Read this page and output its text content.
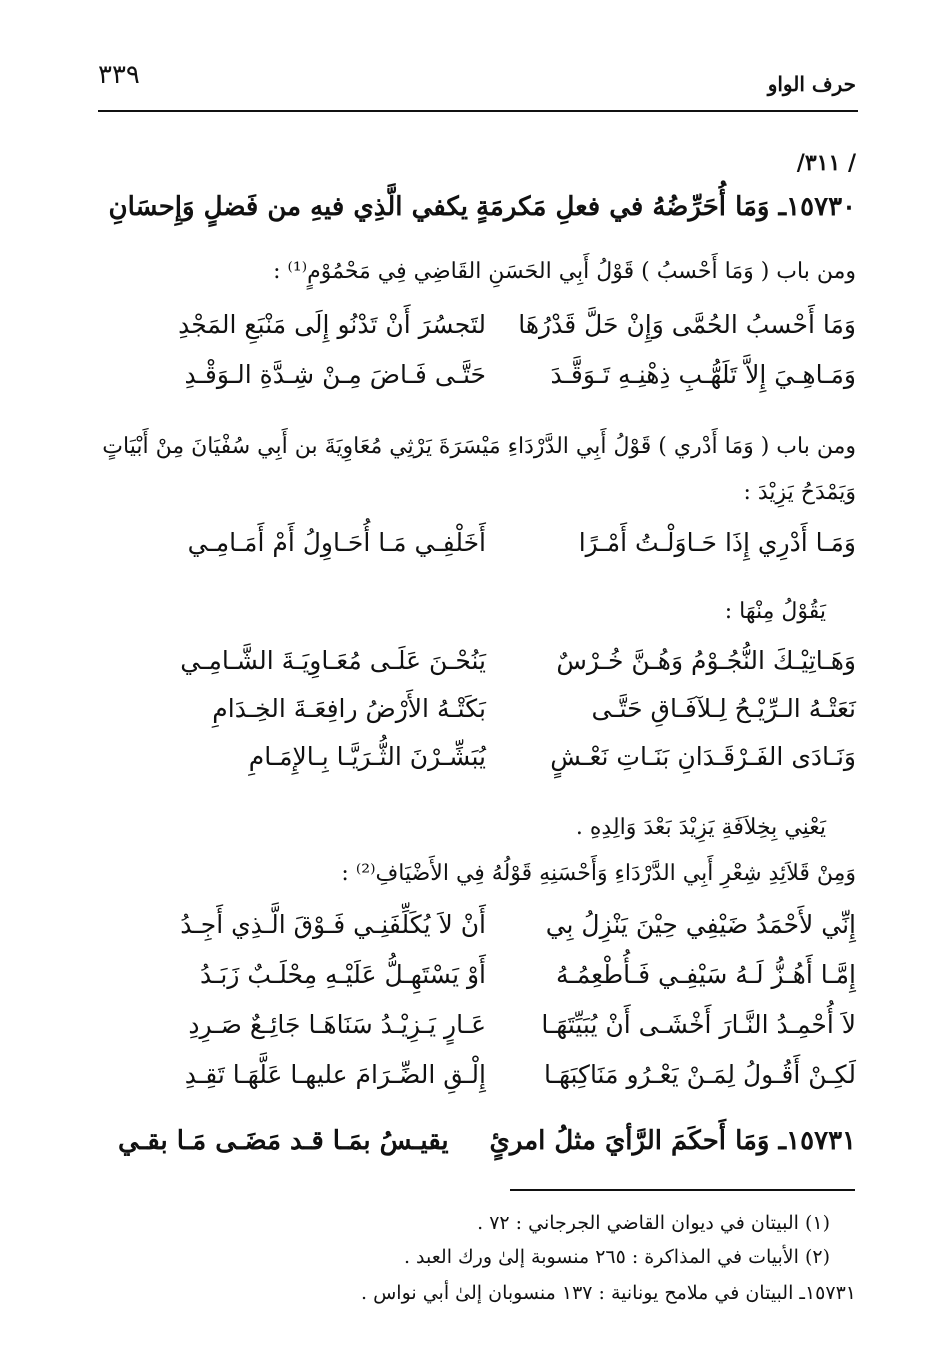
حرف الواو
٣٣٩
/ ٣١١/
١٥٧٣٠ـ وَمَا أُحَرِّضُهُ في فعلِ مَكرمَةٍ
يكفي الَّذِي فيهِ من فَضلٍ وَإِحسَانِ
ومن باب ( وَمَا أَحْسبُ ) قَوْلُ أَبِي الحَسَنِ القَاضِي فِي مَحْمُوْمٍ⁽¹⁾ :
وَمَا أَحْسبُ الحُمَّى وَإِنْ حَلَّ قَدْرُهَا
لتَجسُرَ أَنْ تَدْنُو إِلَى مَنْبَعِ المَجْدِ
وَمَـاهِـيَ إِلاَّ تَلَهُّـبِ ذِهْنِـهِ تَـوَقَّـدَ
حَتَّـى فَـاضَ مِـنْ شِـدَّةِ الـوَقْـدِ
ومن باب ( وَمَا أَدْري ) قَوْلُ أَبِي الدَّرْدَاءِ مَيْسَرَةَ يَرْثِي مُعَاوِيَةَ بن أَبِي سُفْيَانَ مِنْ أَبْيَاتٍ وَيَمْدَحُ يَزِيْدَ :
وَمَـا أَدْرِي إِذَا حَـاوَلْـتُ أَمْـرًا
أَخَلْفِـي مَـا أُحَـاوِلُ أَمْ أَمَـامِـي
يَقُوْلُ مِنْهَا :
وَهَـاتِيْـكَ النُّجُـوْمُ وَهُـنَّ خُـرْسٌ
يَنُحْـنَ عَلَـى مُعَـاوِيَـةَ الشَّـامِـي
نَعَتْـهُ الـرِّيْـحُ لِـلآفَـاقِ حَتَّـى
بَكَتْـهُ الأَرْضُ رافِعَـةَ الخِـدَامِ
وَنَـادَى الفَـرْقَـدَانِ بَنَـاتِ نَعْـشٍ
يُبَشِّـرْنَ الثُّـرَيَّـا بِـالإِمَـامِ
يَعْنِي بِخِلاَفَةِ يَزِيْدَ بَعْدَ وَالِدِهِ .
وَمِنْ قَلاَئِدِ شِعْرِ أَبِي الدَّرْدَاءِ وَأَحْسَنِهِ قَوْلُهُ فِي الأَضْيَافِ⁽²⁾ :
إِنِّي لأَحْمَدُ ضَيْفِي حِيْنَ يَنْزِلُ بِي
أَنْ لاَ يُكَلِّفَنِـي فَـوْقَ الَّـذِي أَجِـدُ
إِمَّـا أَهُـزُّ لَـهُ سَيْفِـي فَـأُطْعِمُـهُ
أَوْ يَسْتَهِـلُّ عَلَيْـهِ مِحْلَـبٌ زَبَـدُ
لاَ أُحْمِـدُ النَّـارَ أَخْشَـى أَنْ يُبَيِّتَهَـا
عَـارٍ يَـزِيْـدُ سَنَاهَـا جَائِـعٌ صَـرِدِ
لَكِـنْ أَقُـولُ لِمَـنْ يَعْـرُو مَنَاكِبَهَـا
إِلْـقِ الضِّـرَامَ عليهـا عَلَّهَـا تَقِـدِ
١٥٧٣١ـ وَمَا أَحكَمَ الرَّأيَ مثلُ امرئٍ
يقيـسُ بمَـا قـد مَضَـى مَـا بقـي
(١) البيتان في ديوان القاضي الجرجاني : ٧٢ .
(٢) الأبيات في المذاكرة : ٢٦٥ منسوبة إلىٰ ورك العبد .
١٥٧٣١ـ البيتان في ملامح يونانية : ١٣٧ منسوبان إلىٰ أبي نواس .
